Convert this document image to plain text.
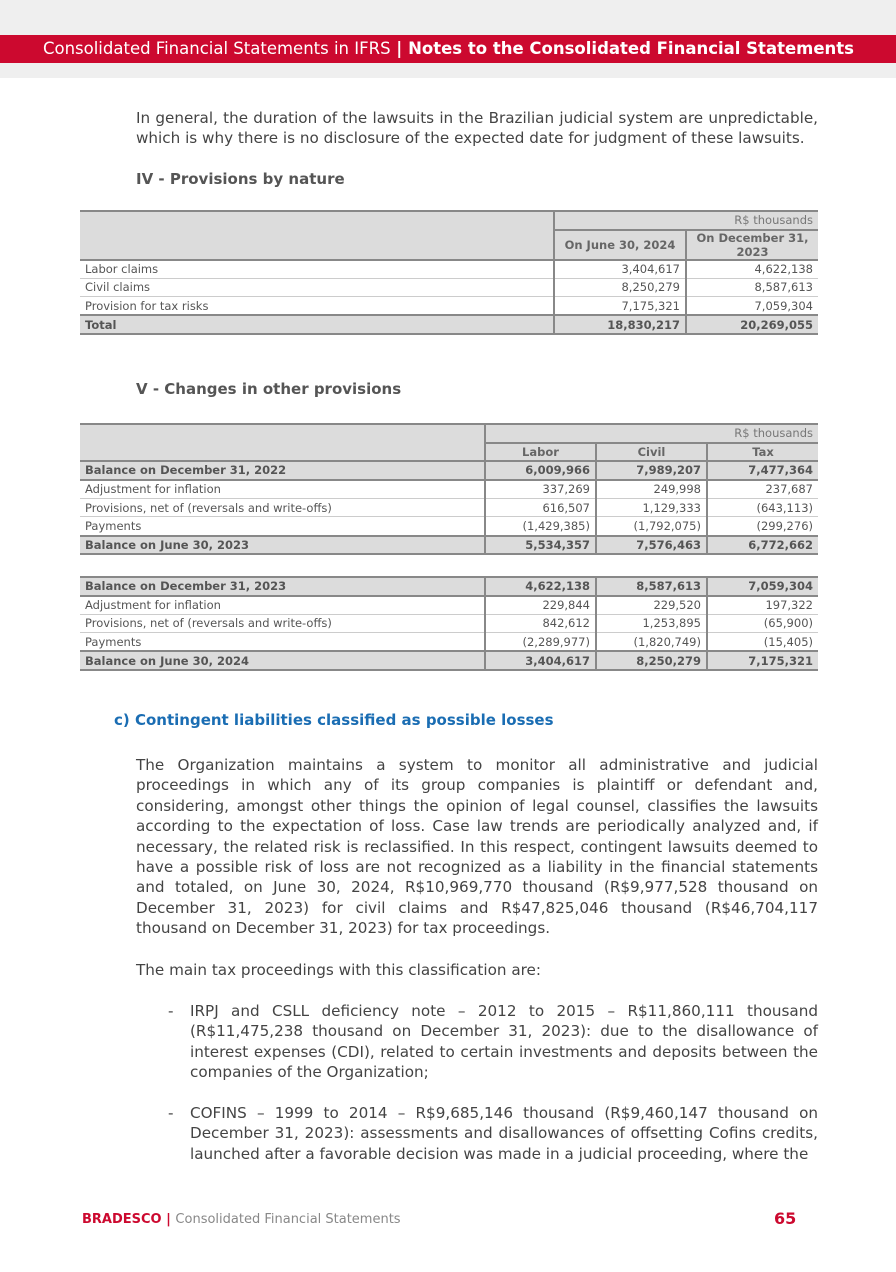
Consolidated Financial Statements in IFRS | Notes to the Consolidated Financial Statements
In general, the duration of the lawsuits in the Brazilian judicial system are unpredictable, which is why there is no disclosure of the expected date for judgment of these lawsuits.
IV - Provisions by nature
	R$ thousands	
	On June 30, 2024	On December 31, 2023
Labor claims	3,404,617	4,622,138
Civil claims	8,250,279	8,587,613
Provision for tax risks	7,175,321	7,059,304
Total	18,830,217	20,269,055
V - Changes in other provisions
	R$ thousands		
	Labor	Civil	Tax
Balance on December 31, 2022	6,009,966	7,989,207	7,477,364
Adjustment for inflation	337,269	249,998	237,687
Provisions, net of (reversals and write-offs)	616,507	1,129,333	(643,113)
Payments	(1,429,385)	(1,792,075)	(299,276)
Balance on June 30, 2023	5,534,357	7,576,463	6,772,662
Balance on December 31, 2023	4,622,138	8,587,613	7,059,304
Adjustment for inflation	229,844	229,520	197,322
Provisions, net of (reversals and write-offs)	842,612	1,253,895	(65,900)
Payments	(2,289,977)	(1,820,749)	(15,405)
Balance on June 30, 2024	3,404,617	8,250,279	7,175,321
c) Contingent liabilities classified as possible losses
The Organization maintains a system to monitor all administrative and judicial proceedings in which any of its group companies is plaintiff or defendant and, considering, amongst other things the opinion of legal counsel, classifies the lawsuits according to the expectation of loss. Case law trends are periodically analyzed and, if necessary, the related risk is reclassified. In this respect, contingent lawsuits deemed to have a possible risk of loss are not recognized as a liability in the financial statements and totaled, on June 30, 2024, R$10,969,770 thousand (R$9,977,528 thousand on December 31, 2023) for civil claims and R$47,825,046 thousand (R$46,704,117 thousand on December 31, 2023) for tax proceedings.
The main tax proceedings with this classification are:
- IRPJ and CSLL deficiency note – 2012 to 2015 – R$11,860,111 thousand (R$11,475,238 thousand on December 31, 2023): due to the disallowance of interest expenses (CDI), related to certain investments and deposits between the companies of the Organization;
- COFINS – 1999 to 2014 – R$9,685,146 thousand (R$9,460,147 thousand on December 31, 2023): assessments and disallowances of offsetting Cofins credits, launched after a favorable decision was made in a judicial proceeding, where the
BRADESCO | Consolidated Financial Statements	65
